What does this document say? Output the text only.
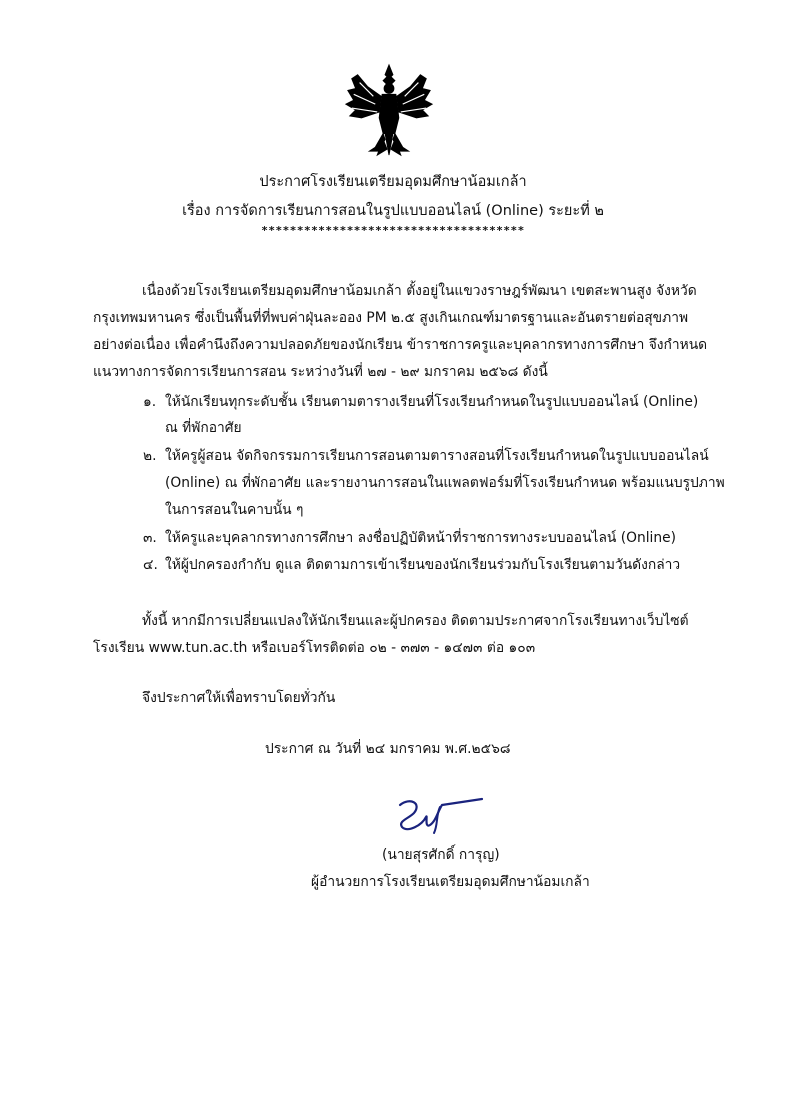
ประกาศโรงเรียนเตรียมอุดมศึกษาน้อมเกล้า
เรื่อง การจัดการเรียนการสอนในรูปแบบออนไลน์ (Online) ระยะที่ ๒
*************************************
เนื่องด้วยโรงเรียนเตรียมอุดมศึกษาน้อมเกล้า ตั้งอยู่ในแขวงราษฎร์พัฒนา เขตสะพานสูง จังหวัด
กรุงเทพมหานคร ซึ่งเป็นพื้นที่ที่พบค่าฝุ่นละออง PM ๒.๕ สูงเกินเกณฑ์มาตรฐานและอันตรายต่อสุขภาพ
อย่างต่อเนื่อง เพื่อคำนึงถึงความปลอดภัยของนักเรียน ข้าราชการครูและบุคลากรทางการศึกษา จึงกำหนด
แนวทางการจัดการเรียนการสอน ระหว่างวันที่ ๒๗ - ๒๙ มกราคม ๒๕๖๘ ดังนี้
๑. ให้นักเรียนทุกระดับชั้น เรียนตามตารางเรียนที่โรงเรียนกำหนดในรูปแบบออนไลน์ (Online)
ณ ที่พักอาศัย
๒. ให้ครูผู้สอน จัดกิจกรรมการเรียนการสอนตามตารางสอนที่โรงเรียนกำหนดในรูปแบบออนไลน์
(Online) ณ ที่พักอาศัย และรายงานการสอนในแพลตฟอร์มที่โรงเรียนกำหนด พร้อมแนบรูปภาพ
ในการสอนในคาบนั้น ๆ
๓. ให้ครูและบุคลากรทางการศึกษา ลงชื่อปฏิบัติหน้าที่ราชการทางระบบออนไลน์ (Online)
๔. ให้ผู้ปกครองกำกับ ดูแล ติดตามการเข้าเรียนของนักเรียนร่วมกับโรงเรียนตามวันดังกล่าว
ทั้งนี้ หากมีการเปลี่ยนแปลงให้นักเรียนและผู้ปกครอง ติดตามประกาศจากโรงเรียนทางเว็บไซต์
โรงเรียน www.tun.ac.th หรือเบอร์โทรติดต่อ ๐๒ - ๓๗๓ - ๑๔๗๓ ต่อ ๑๐๓
จึงประกาศให้เพื่อทราบโดยทั่วกัน
ประกาศ ณ วันที่ ๒๔ มกราคม พ.ศ.๒๕๖๘
(นายสุรศักดิ์ การุญ)
ผู้อำนวยการโรงเรียนเตรียมอุดมศึกษาน้อมเกล้า
